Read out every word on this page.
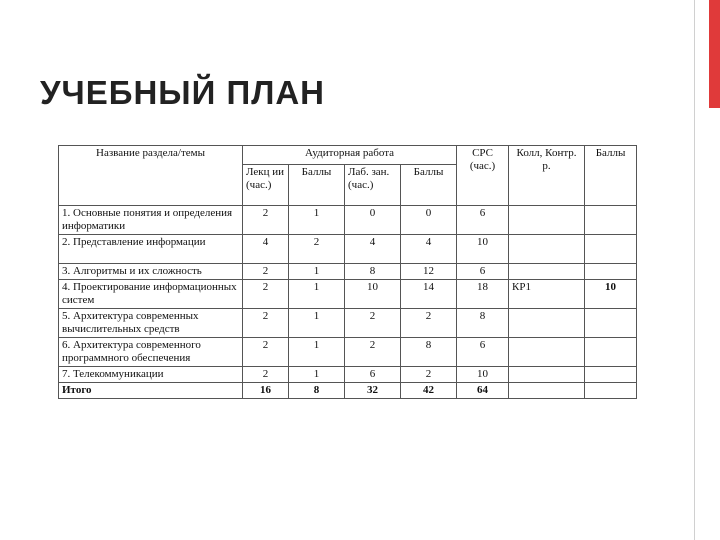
УЧЕБНЫЙ ПЛАН
Название раздела/темы	Аудиторная работа				СРС (час.)	Колл, Контр. р.	Баллы
	Лекц ии (час.)	Баллы	Лаб. зан. (час.)	Баллы			
1. Основные понятия и определения информатики	2	1	0	0	6		
2. Представление информации	4	2	4	4	10		
3. Алгоритмы и их сложность	2	1	8	12	6		
4. Проектирование информационных систем	2	1	10	14	18	КР1	10
5. Архитектура современных вычислительных средств	2	1	2	2	8		
6. Архитектура современного программного обеспечения	2	1	2	8	6		
7. Телекоммуникации	2	1	6	2	10		
Итого	16	8	32	42	64		
